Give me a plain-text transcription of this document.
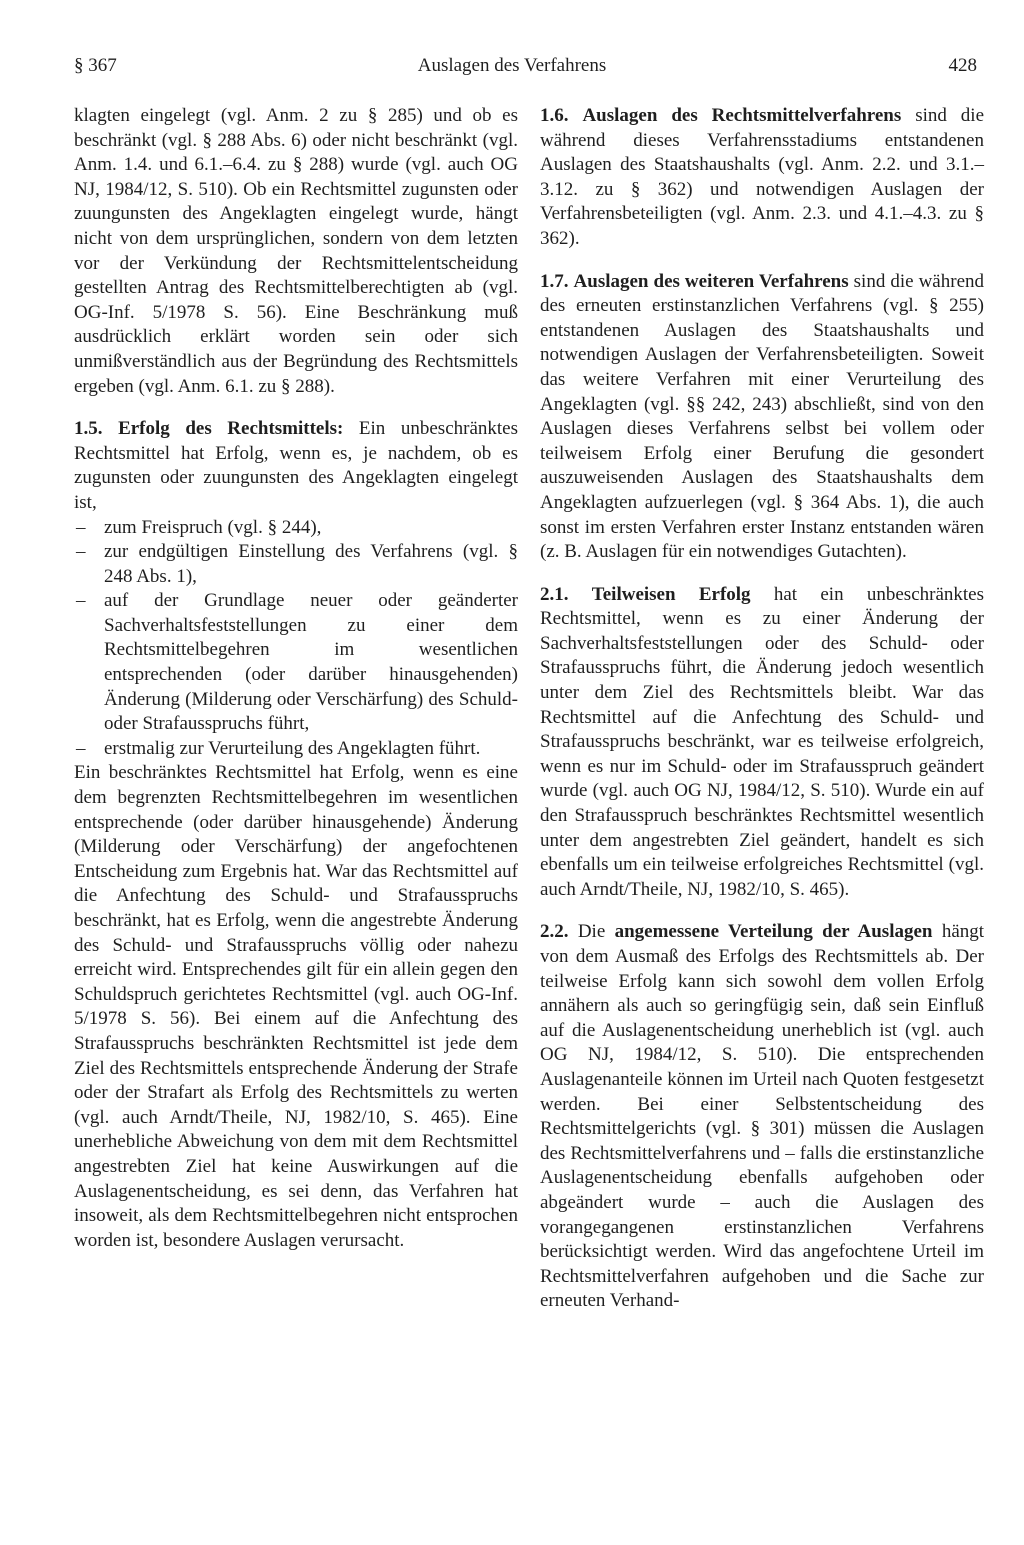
§ 367	Auslagen des Verfahrens	428

klagten eingelegt (vgl. Anm. 2 zu § 285) und ob es beschränkt (vgl. § 288 Abs. 6) oder nicht beschränkt (vgl. Anm. 1.4. und 6.1.–6.4. zu § 288) wurde (vgl. auch OG NJ, 1984/12, S. 510). Ob ein Rechtsmittel zugunsten oder zuungunsten des Angeklagten eingelegt wurde, hängt nicht von dem ursprünglichen, sondern von dem letzten vor der Verkündung der Rechtsmittelentscheidung gestellten Antrag des Rechtsmittelberechtigten ab (vgl. OG-Inf. 5/1978 S. 56). Eine Beschränkung muß ausdrücklich erklärt worden sein oder sich unmißverständlich aus der Begründung des Rechtsmittels ergeben (vgl. Anm. 6.1. zu § 288).

1.5. Erfolg des Rechtsmittels: Ein unbeschränktes Rechtsmittel hat Erfolg, wenn es, je nachdem, ob es zugunsten oder zuungunsten des Angeklagten eingelegt ist,

– zum Freispruch (vgl. § 244),
– zur endgültigen Einstellung des Verfahrens (vgl. § 248 Abs. 1),
– auf der Grundlage neuer oder geänderter Sachverhaltsfeststellungen zu einer dem Rechtsmittelbegehren im wesentlichen entsprechenden (oder darüber hinausgehenden) Änderung (Milderung oder Verschärfung) des Schuld- oder Strafausspruchs führt,
– erstmalig zur Verurteilung des Angeklagten führt.

Ein beschränktes Rechtsmittel hat Erfolg, wenn es eine dem begrenzten Rechtsmittelbegehren im wesentlichen entsprechende (oder darüber hinausgehende) Änderung (Milderung oder Verschärfung) der angefochtenen Entscheidung zum Ergebnis hat. War das Rechtsmittel auf die Anfechtung des Schuld- und Strafausspruchs beschränkt, hat es Erfolg, wenn die angestrebte Änderung des Schuld- und Strafausspruchs völlig oder nahezu erreicht wird. Entsprechendes gilt für ein allein gegen den Schuldspruch gerichtetes Rechtsmittel (vgl. auch OG-Inf. 5/1978 S. 56). Bei einem auf die Anfechtung des Strafausspruchs beschränkten Rechtsmittel ist jede dem Ziel des Rechtsmittels entsprechende Änderung der Strafe oder der Strafart als Erfolg des Rechtsmittels zu werten (vgl. auch Arndt/Theile, NJ, 1982/10, S. 465). Eine unerhebliche Abweichung von dem mit dem Rechtsmittel angestrebten Ziel hat keine Auswirkungen auf die Auslagenentscheidung, es sei denn, das Verfahren hat insoweit, als dem Rechtsmittelbegehren nicht entsprochen worden ist, besondere Auslagen verursacht.

1.6. Auslagen des Rechtsmittelverfahrens sind die während dieses Verfahrensstadiums entstandenen Auslagen des Staatshaushalts (vgl. Anm. 2.2. und 3.1.–3.12. zu § 362) und notwendigen Auslagen der Verfahrensbeteiligten (vgl. Anm. 2.3. und 4.1.–4.3. zu § 362).

1.7. Auslagen des weiteren Verfahrens sind die während des erneuten erstinstanzlichen Verfahrens (vgl. § 255) entstandenen Auslagen des Staatshaushalts und notwendigen Auslagen der Verfahrensbeteiligten. Soweit das weitere Verfahren mit einer Verurteilung des Angeklagten (vgl. §§ 242, 243) abschließt, sind von den Auslagen dieses Verfahrens selbst bei vollem oder teilweisem Erfolg einer Berufung die gesondert auszuweisenden Auslagen des Staatshaushalts dem Angeklagten aufzuerlegen (vgl. § 364 Abs. 1), die auch sonst im ersten Verfahren erster Instanz entstanden wären (z. B. Auslagen für ein notwendiges Gutachten).

2.1. Teilweisen Erfolg hat ein unbeschränktes Rechtsmittel, wenn es zu einer Änderung der Sachverhaltsfeststellungen oder des Schuld- oder Strafausspruchs führt, die Änderung jedoch wesentlich unter dem Ziel des Rechtsmittels bleibt. War das Rechtsmittel auf die Anfechtung des Schuld- und Strafausspruchs beschränkt, war es teilweise erfolgreich, wenn es nur im Schuld- oder im Strafausspruch geändert wurde (vgl. auch OG NJ, 1984/12, S. 510). Wurde ein auf den Strafausspruch beschränktes Rechtsmittel wesentlich unter dem angestrebten Ziel geändert, handelt es sich ebenfalls um ein teilweise erfolgreiches Rechtsmittel (vgl. auch Arndt/Theile, NJ, 1982/10, S. 465).

2.2. Die angemessene Verteilung der Auslagen hängt von dem Ausmaß des Erfolgs des Rechtsmittels ab. Der teilweise Erfolg kann sich sowohl dem vollen Erfolg annähern als auch so geringfügig sein, daß sein Einfluß auf die Auslagenentscheidung unerheblich ist (vgl. auch OG NJ, 1984/12, S. 510). Die entsprechenden Auslagenanteile können im Urteil nach Quoten festgesetzt werden. Bei einer Selbstentscheidung des Rechtsmittelgerichts (vgl. § 301) müssen die Auslagen des Rechtsmittelverfahrens und – falls die erstinstanzliche Auslagenentscheidung ebenfalls aufgehoben oder abgeändert wurde – auch die Auslagen des vorangegangenen erstinstanzlichen Verfahrens berücksichtigt werden. Wird das angefochtene Urteil im Rechtsmittelverfahren aufgehoben und die Sache zur erneuten Verhand-
